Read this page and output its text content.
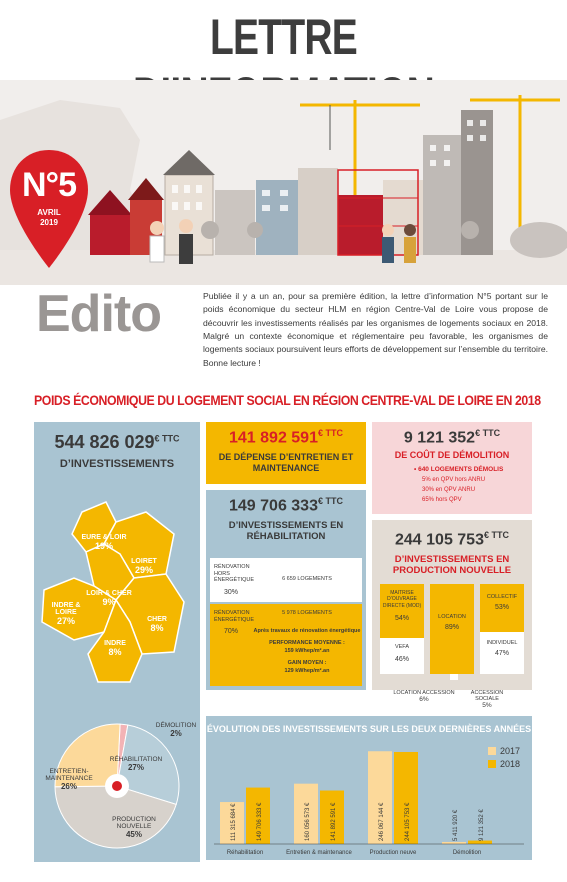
LETTRE
N°5
AVRIL
2019
Edito	Publiée il y a un an, pour sa première édition, la lettre d’information N°5 portant sur le poids économique du secteur HLM en région Centre-Val de Loire vous propose de découvrir les investissements réalisés par les organismes de logements sociaux en 2018. Malgré un contexte économique et réglementaire peu favorable, les organismes de logements sociaux poursuivent leurs efforts de développement sur l’ensemble du territoire. Bonne lecture !
POIDS ÉCONOMIQUE DU LOGEMENT SOCIAL EN RÉGION CENTRE-VAL DE LOIRE EN 2018
544 826 $029^{€ TTC}$
D’INVESTISSEMENTS
EURE & LOIR
19%
LOIRET
29%
LOIR & CHER
9%
INDRE & LOIRE
27%	CHER
8%
INDRE
8%
DÉMOLITION
2%
RÉHABILITATION
27%
PRODUCTION NOUVELLE
45%
ENTRETIEN-MAINTENANCE
26%
141 892 $591^{€ TTC}$
DE DÉPENSE D’ENTRETIEN ET MAINTENANCE
9 121 $352^{€ TTC}$
DE COÛT DE DÉMOLITION
• 640 LOGEMENTS DÉMOLIS
5% en QPV hors ANRU
30% en QPV ANRU
65% hors QPV
149 706 $333^{€ TTC}$
D’INVESTISSEMENTS EN RÉHABILITATION
RÉNOVATION HORS ÉNERGÉTIQUE
30%
6 659 LOGEMENTS
RÉNOVATION ÉNERGÉTIQUE
70%
5 978 LOGEMENTS
Après travaux de rénovation énergétique
PERFORMANCE MOYENNE :
159 kWhep/m².an
GAIN MOYEN :
129 kWhep/m².an
244 105 $753^{€ TTC}$
D’INVESTISSEMENTS EN PRODUCTION NOUVELLE
MAITRISE D’OUVRAGE DIRECTE (MOD)
54%
VEFA
46%
LOCATION
89%
COLLECTIF
53%
INDIVIDUEL
47%
LOCATION ACCESSION
6%
ACCESSION SOCIALE
5%
ÉVOLUTION DES INVESTISSEMENTS SUR LES DEUX DERNIÈRES ANNÉES
111 315 684 €	149 706 333 €
Réhabilitation
160 056 573 €	141 892 591 €
Entretien & maintenance
246 067 144 €	244 105 753 €
Production neuve
5 411 920 €	9 121 352 €
Démolition
2017
2018
